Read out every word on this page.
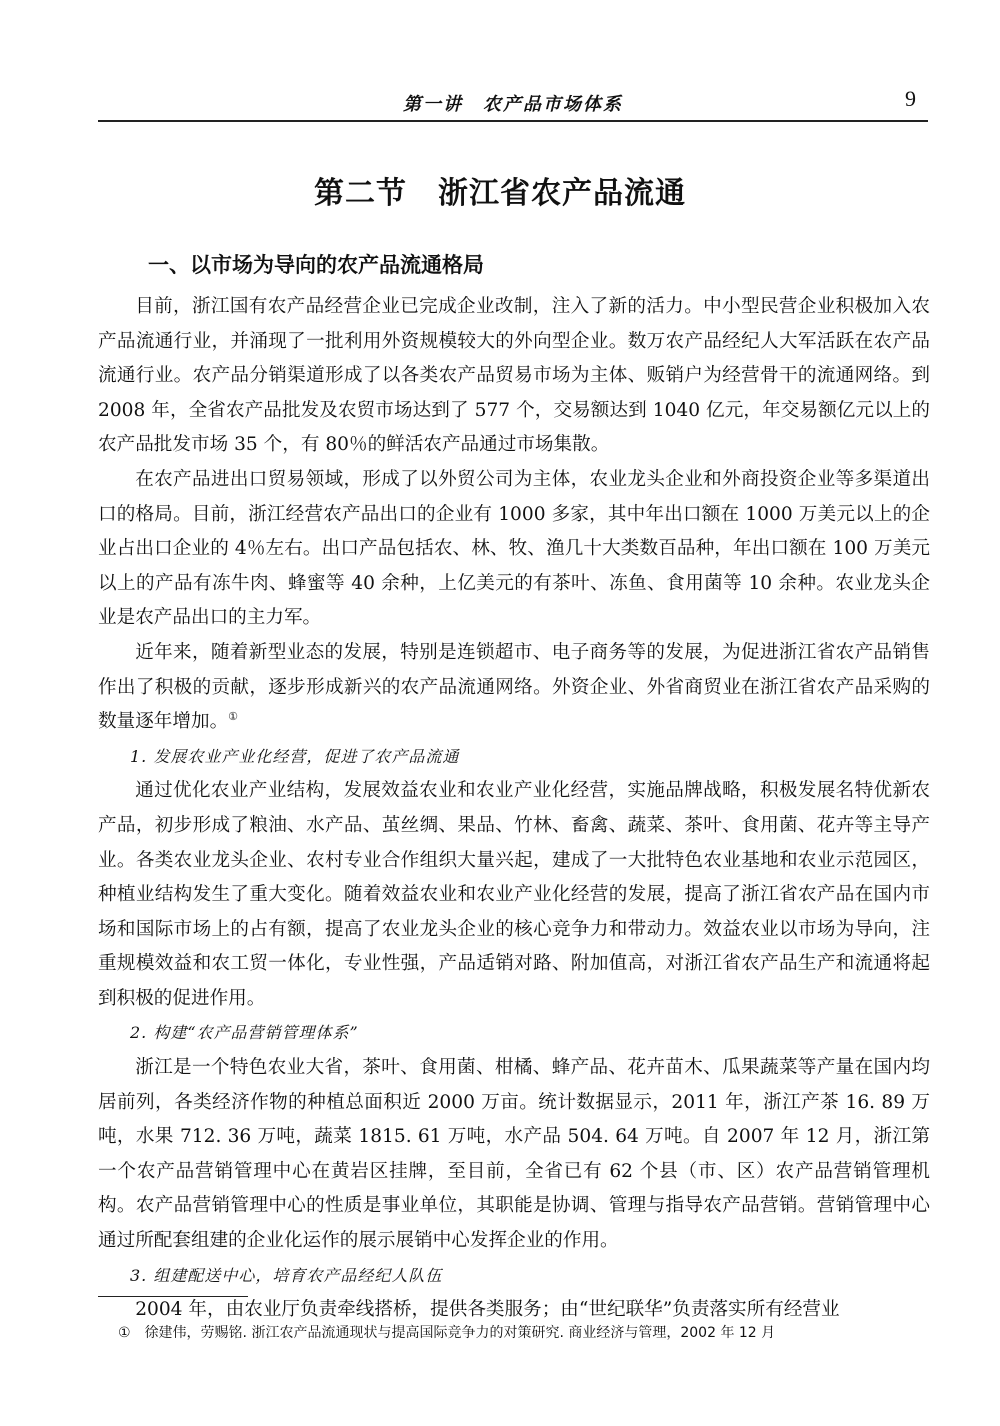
第一讲　农产品市场体系	9
第二节　浙江省农产品流通
一、以市场为导向的农产品流通格局

目前，浙江国有农产品经营企业已完成企业改制，注入了新的活力。中小型民营企业积极加入农产品流通行业，并涌现了一批利用外资规模较大的外向型企业。数万农产品经纪人大军活跃在农产品流通行业。农产品分销渠道形成了以各类农产品贸易市场为主体、贩销户为经营骨干的流通网络。到 2008 年，全省农产品批发及农贸市场达到了 577 个，交易额达到 1040 亿元，年交易额亿元以上的农产品批发市场 35 个，有 80％的鲜活农产品通过市场集散。

在农产品进出口贸易领域，形成了以外贸公司为主体，农业龙头企业和外商投资企业等多渠道出口的格局。目前，浙江经营农产品出口的企业有 1000 多家，其中年出口额在 1000 万美元以上的企业占出口企业的 4％左右。出口产品包括农、林、牧、渔几十大类数百品种，年出口额在 100 万美元以上的产品有冻牛肉、蜂蜜等 40 余种，上亿美元的有茶叶、冻鱼、食用菌等 10 余种。农业龙头企业是农产品出口的主力军。

近年来，随着新型业态的发展，特别是连锁超市、电子商务等的发展，为促进浙江省农产品销售作出了积极的贡献，逐步形成新兴的农产品流通网络。外资企业、外省商贸业在浙江省农产品采购的数量逐年增加。①

1. 发展农业产业化经营，促进了农产品流通

通过优化农业产业结构，发展效益农业和农业产业化经营，实施品牌战略，积极发展名特优新农产品，初步形成了粮油、水产品、茧丝绸、果品、竹林、畜禽、蔬菜、茶叶、食用菌、花卉等主导产业。各类农业龙头企业、农村专业合作组织大量兴起，建成了一大批特色农业基地和农业示范园区，种植业结构发生了重大变化。随着效益农业和农业产业化经营的发展，提高了浙江省农产品在国内市场和国际市场上的占有额，提高了农业龙头企业的核心竞争力和带动力。效益农业以市场为导向，注重规模效益和农工贸一体化，专业性强，产品适销对路、附加值高，对浙江省农产品生产和流通将起到积极的促进作用。

2. 构建“农产品营销管理体系”

浙江是一个特色农业大省，茶叶、食用菌、柑橘、蜂产品、花卉苗木、瓜果蔬菜等产量在国内均居前列，各类经济作物的种植总面积近 2000 万亩。统计数据显示，2011 年，浙江产茶 16. 89 万吨，水果 712. 36 万吨，蔬菜 1815. 61 万吨，水产品 504. 64 万吨。自 2007 年 12 月，浙江第一个农产品营销管理中心在黄岩区挂牌，至目前，全省已有 62 个县（市、区）农产品营销管理机构。农产品营销管理中心的性质是事业单位，其职能是协调、管理与指导农产品营销。营销管理中心通过所配套组建的企业化运作的展示展销中心发挥企业的作用。

3. 组建配送中心，培育农产品经纪人队伍

2004 年，由农业厅负责牵线搭桥，提供各类服务；由“世纪联华”负责落实所有经营业

① 徐建伟，劳赐铭. 浙江农产品流通现状与提高国际竞争力的对策研究. 商业经济与管理，2002 年 12 月
